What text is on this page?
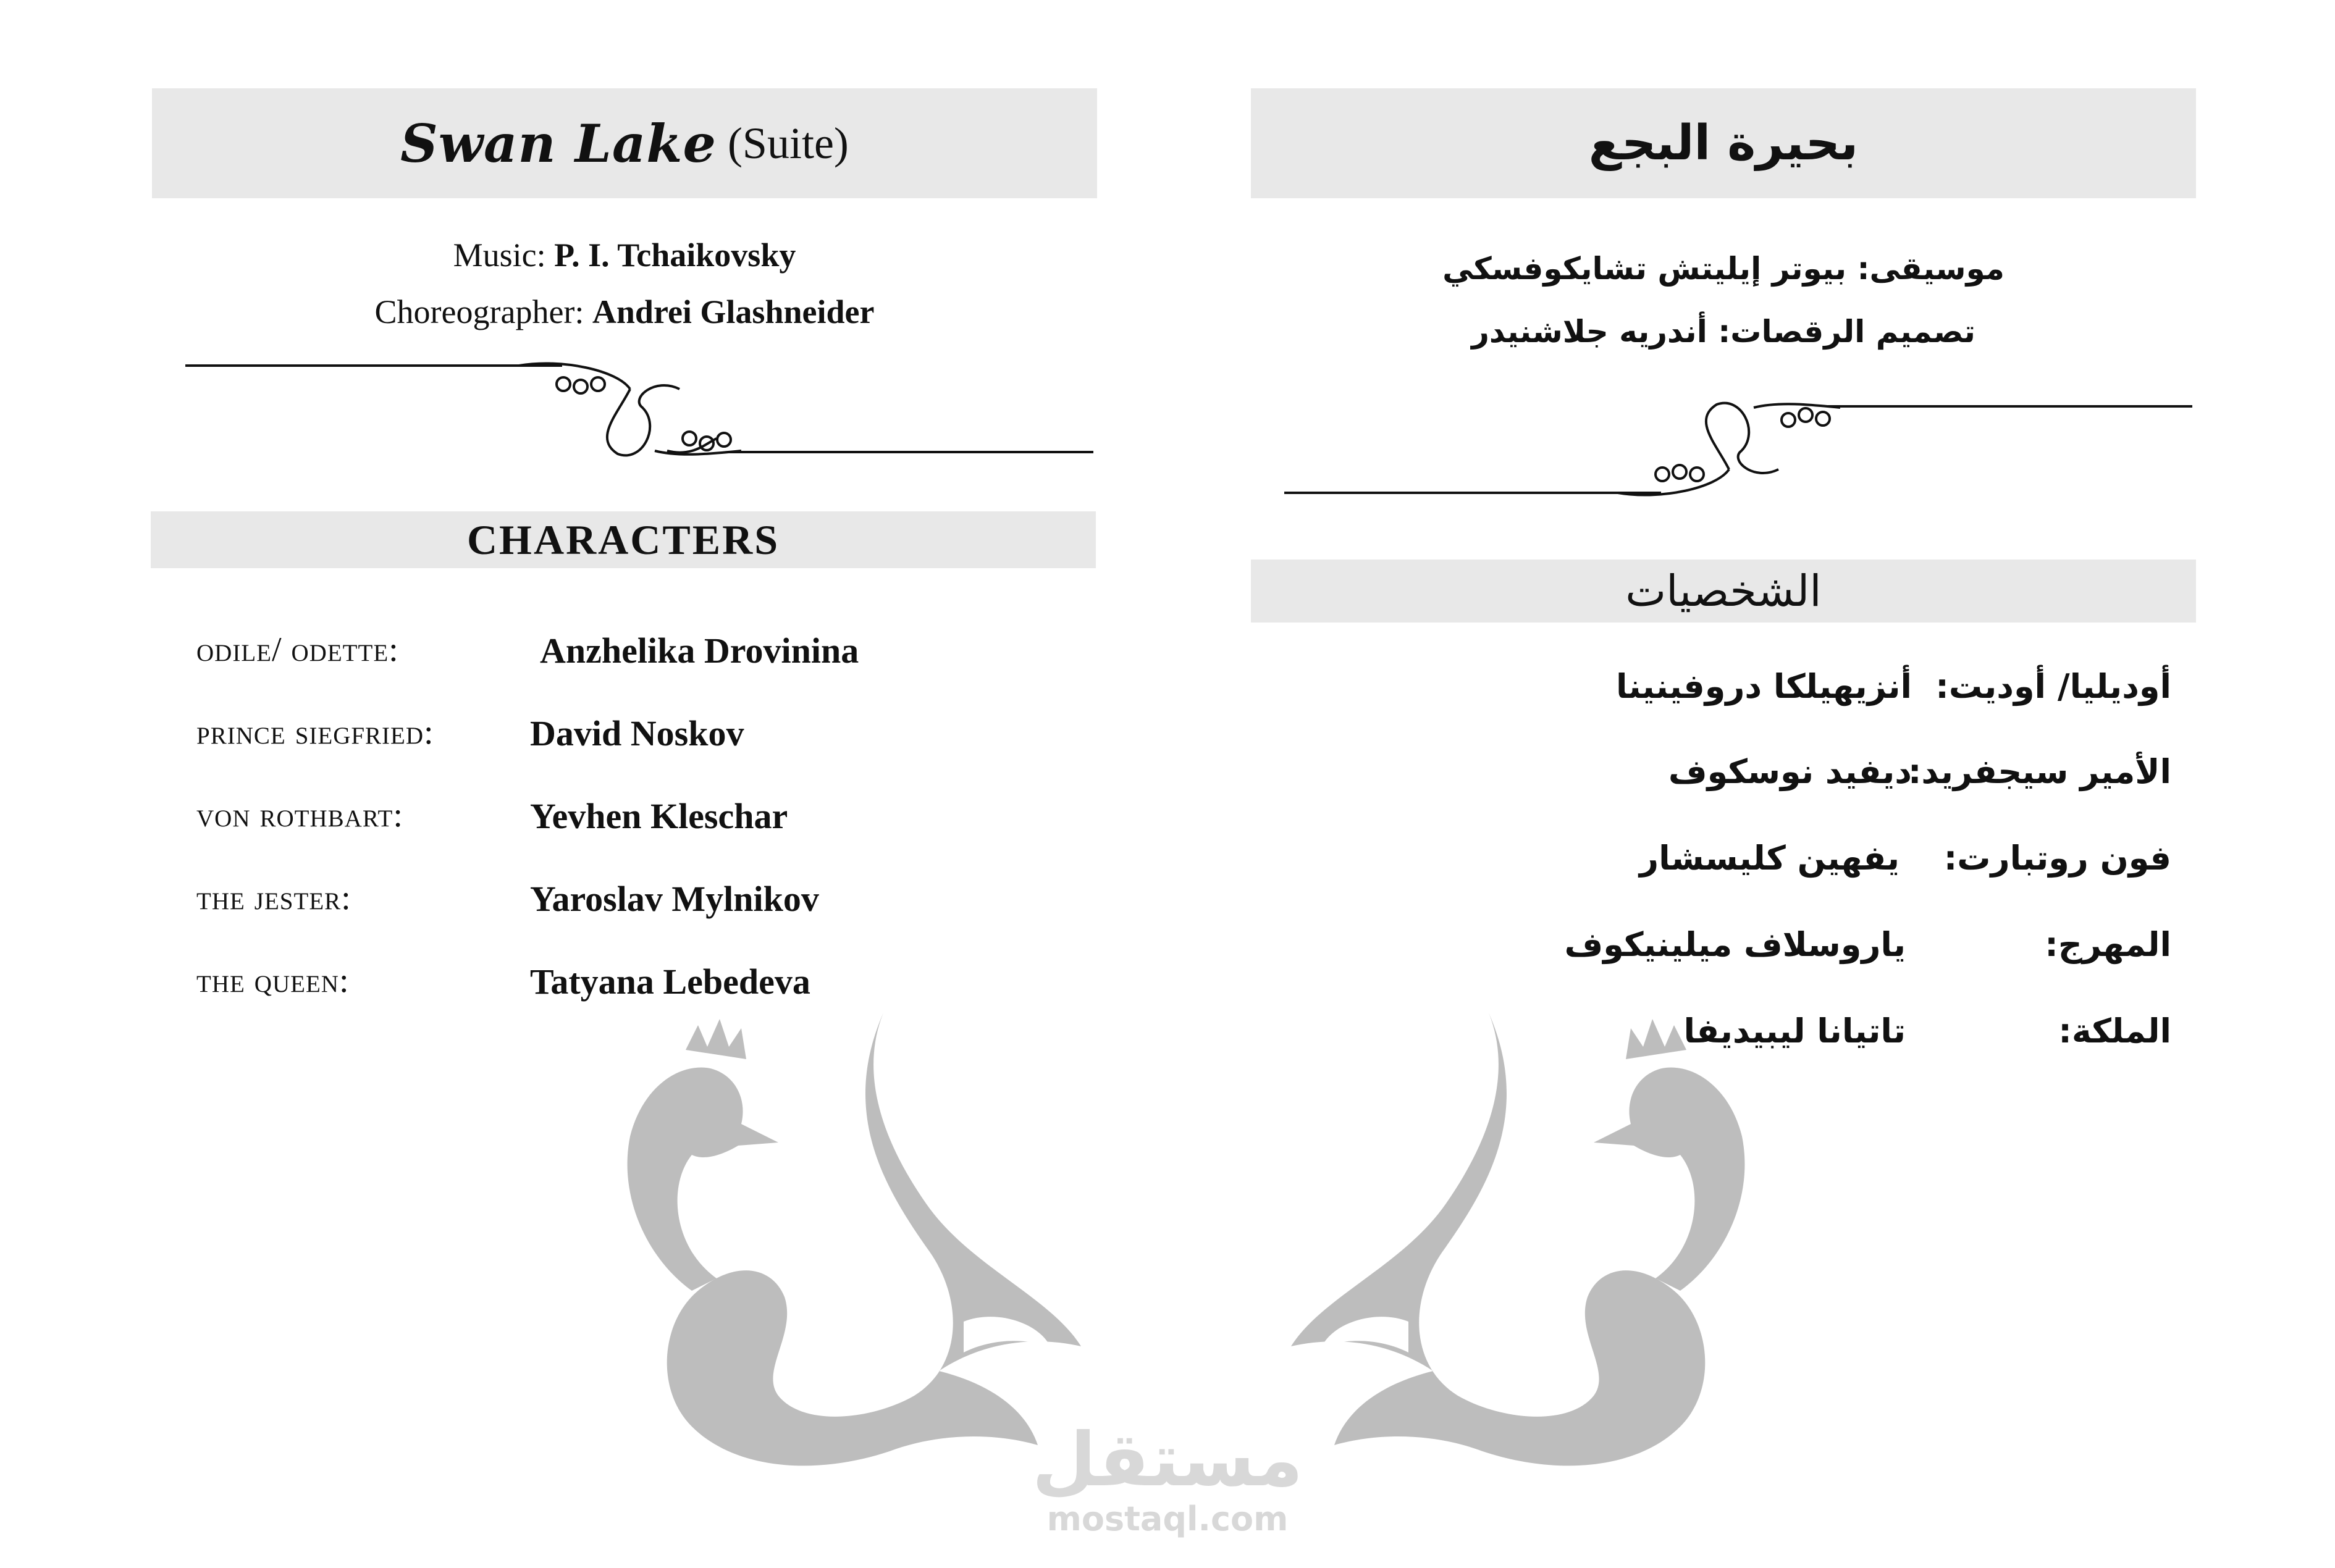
Swan Lake (Suite)
Music: P. I. Tchaikovsky
Choreographer: Andrei Glashneider
CHARACTERS
odile/ odette:	Anzhelika Drovinina
prince siegfried:	David Noskov
von rothbart:	Yevhen Kleschar
the jester:	Yaroslav Mylnikov
the queen:	Tatyana Lebedeva
بحيرة البجع
موسيقى: بيوتر إيليتش تشايكوفسكي
تصميم الرقصات: أندريه جلاشنيدر
الشخصيات
أوديليا/ أوديت:
أنزيهيلكا دروفينينا
الأمير سيجفريد:
ديفيد نوسكوف
فون روتبارت:
يفهين كليسشار
المهرج:
ياروسلاف ميلينيكوف
الملكة:
تاتيانا ليبيديفا
مستقل
mostaql.com
